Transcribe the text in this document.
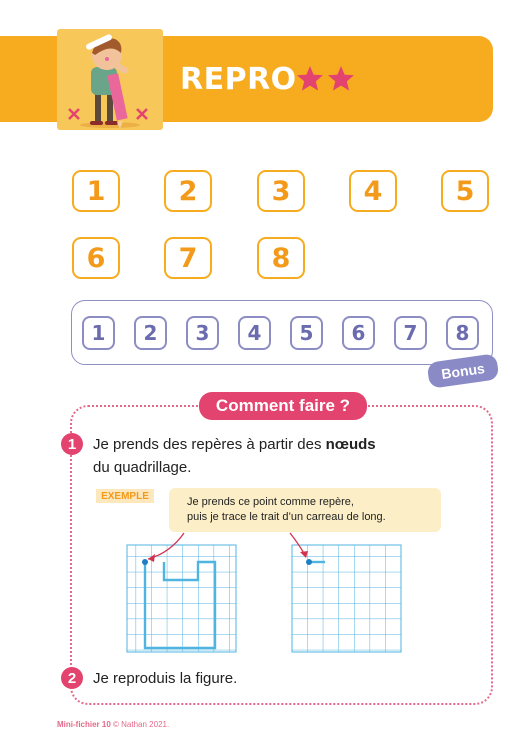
REPRO
1	2	3	4	5
6	7	8
1	2	3	4	5	6	7	8
Bonus
Comment faire ?
1	Je prends des repères à partir des nœuds
du quadrillage.
EXEMPLE	Je prends ce point comme repère,
puis je trace le trait d’un carreau de long.
2	Je reproduis la figure.
Mini-fichier 10 © Nathan 2021.
